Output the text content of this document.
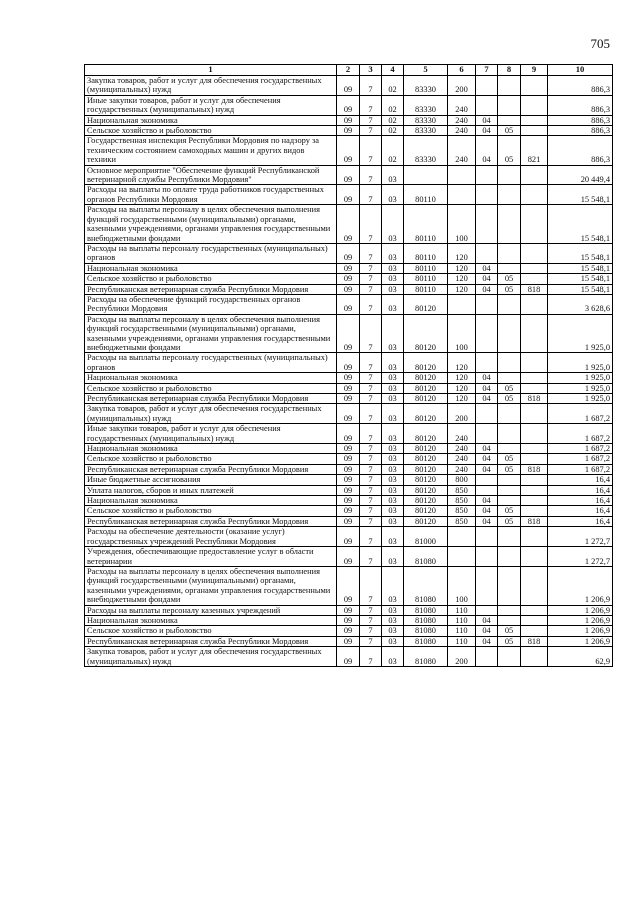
705
1	2	3	4	5	6	7	8	9	10
Закупка товаров, работ и услуг для обеспечения государственных (муниципальных) нужд	09	7	02	83330	200				886,3
Иные закупки товаров, работ и услуг для обеспечения государственных (муниципальных) нужд	09	7	02	83330	240				886,3
Национальная экономика	09	7	02	83330	240	04			886,3
Сельское хозяйство и рыболовство	09	7	02	83330	240	04	05		886,3
Государственная инспекция Республики Мордовия по надзору за техническим состоянием самоходных машин и других видов техники	09	7	02	83330	240	04	05	821	886,3
Основное мероприятие "Обеспечение функций Республиканской ветеринарной службы Республики Мордовия"	09	7	03						20 449,4
Расходы на выплаты по оплате труда работников государственных органов Республики Мордовия	09	7	03	80110					15 548,1
Расходы на выплаты персоналу в целях обеспечения выполнения функций государственными (муниципальными) органами, казенными учреждениями, органами управления государственными внебюджетными фондами	09	7	03	80110	100				15 548,1
Расходы на выплаты персоналу государственных (муниципальных) органов	09	7	03	80110	120				15 548,1
Национальная экономика	09	7	03	80110	120	04			15 548,1
Сельское хозяйство и рыболовство	09	7	03	80110	120	04	05		15 548,1
Республиканская ветеринарная служба Республики Мордовия	09	7	03	80110	120	04	05	818	15 548,1
Расходы на обеспечение функций государственных органов Республики Мордовия	09	7	03	80120					3 628,6
Расходы на выплаты персоналу в целях обеспечения выполнения функций государственными (муниципальными) органами, казенными учреждениями, органами управления государственными внебюджетными фондами	09	7	03	80120	100				1 925,0
Расходы на выплаты персоналу государственных (муниципальных) органов	09	7	03	80120	120				1 925,0
Национальная экономика	09	7	03	80120	120	04			1 925,0
Сельское хозяйство и рыболовство	09	7	03	80120	120	04	05		1 925,0
Республиканская ветеринарная служба Республики Мордовия	09	7	03	80120	120	04	05	818	1 925,0
Закупка товаров, работ и услуг для обеспечения государственных (муниципальных) нужд	09	7	03	80120	200				1 687,2
Иные закупки товаров, работ и услуг для обеспечения государственных (муниципальных) нужд	09	7	03	80120	240				1 687,2
Национальная экономика	09	7	03	80120	240	04			1 687,2
Сельское хозяйство и рыболовство	09	7	03	80120	240	04	05		1 687,2
Республиканская ветеринарная служба Республики Мордовия	09	7	03	80120	240	04	05	818	1 687,2
Иные бюджетные ассигнования	09	7	03	80120	800				16,4
Уплата налогов, сборов и иных платежей	09	7	03	80120	850				16,4
Национальная экономика	09	7	03	80120	850	04			16,4
Сельское хозяйство и рыболовство	09	7	03	80120	850	04	05		16,4
Республиканская ветеринарная служба Республики Мордовия	09	7	03	80120	850	04	05	818	16,4
Расходы на обеспечение деятельности (оказание услуг) государственных учреждений Республики Мордовия	09	7	03	81000					1 272,7
Учреждения, обеспечивающие предоставление услуг в области ветеринарии	09	7	03	81080					1 272,7
Расходы на выплаты персоналу в целях обеспечения выполнения функций государственными (муниципальными) органами, казенными учреждениями, органами управления государственными внебюджетными фондами	09	7	03	81080	100				1 206,9
Расходы на выплаты персоналу казенных учреждений	09	7	03	81080	110				1 206,9
Национальная экономика	09	7	03	81080	110	04			1 206,9
Сельское хозяйство и рыболовство	09	7	03	81080	110	04	05		1 206,9
Республиканская ветеринарная служба Республики Мордовия	09	7	03	81080	110	04	05	818	1 206,9
Закупка товаров, работ и услуг для обеспечения государственных (муниципальных) нужд	09	7	03	81080	200				62,9
